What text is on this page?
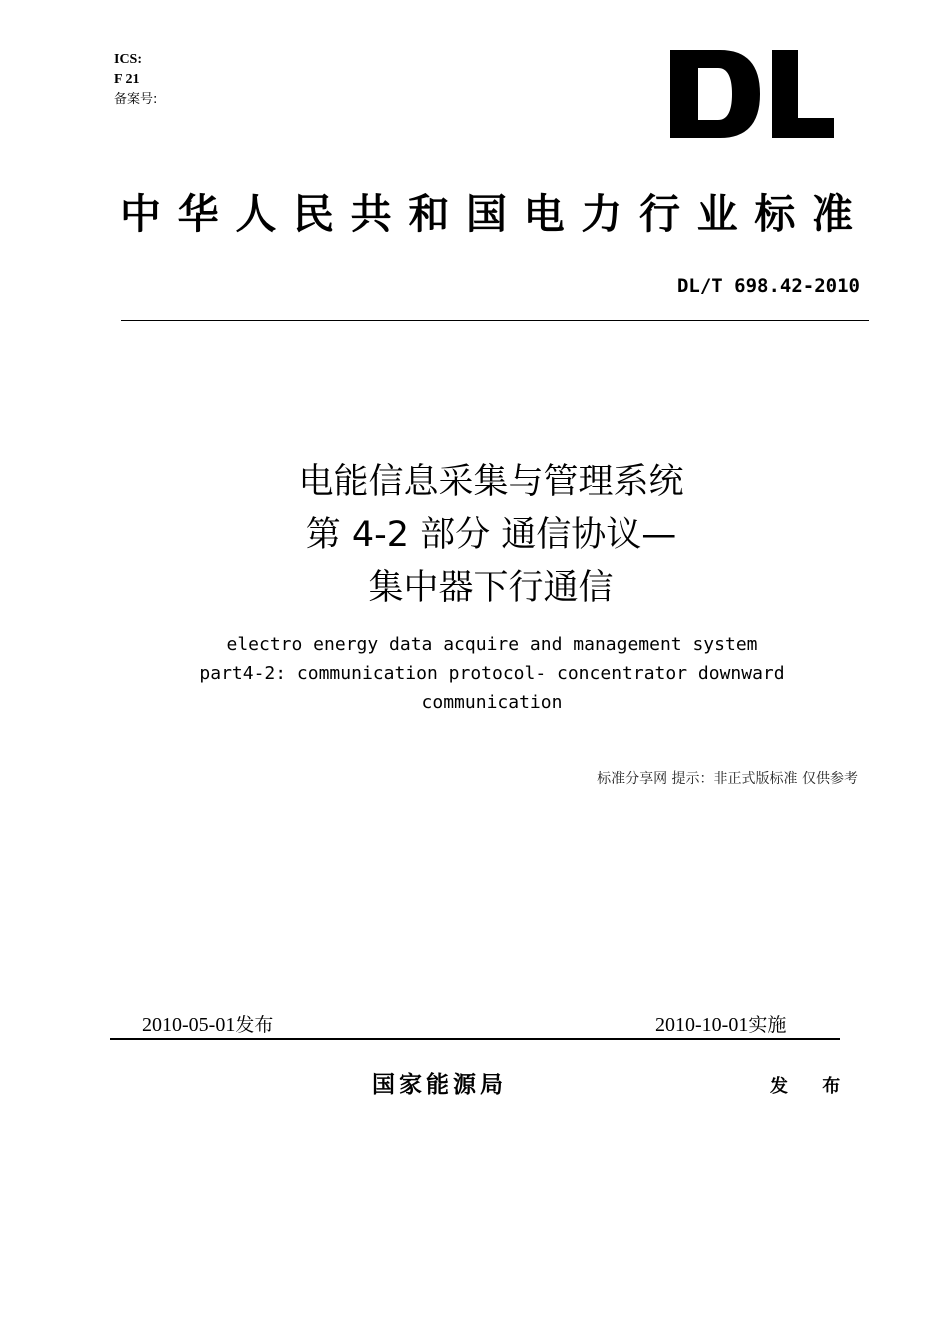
ICS:
F 21
备案号:
中华人民共和国电力行业标准
DL/T 698.42-2010
电能信息采集与管理系统
第 4-2 部分 通信协议—
集中器下行通信
electro energy data acquire and management system
part4-2: communication protocol- concentrator downward
communication
标准分享网 提示：非正式版标准 仅供参考
2010-05-01发布	2010-10-01实施
国家能源局	发 布
